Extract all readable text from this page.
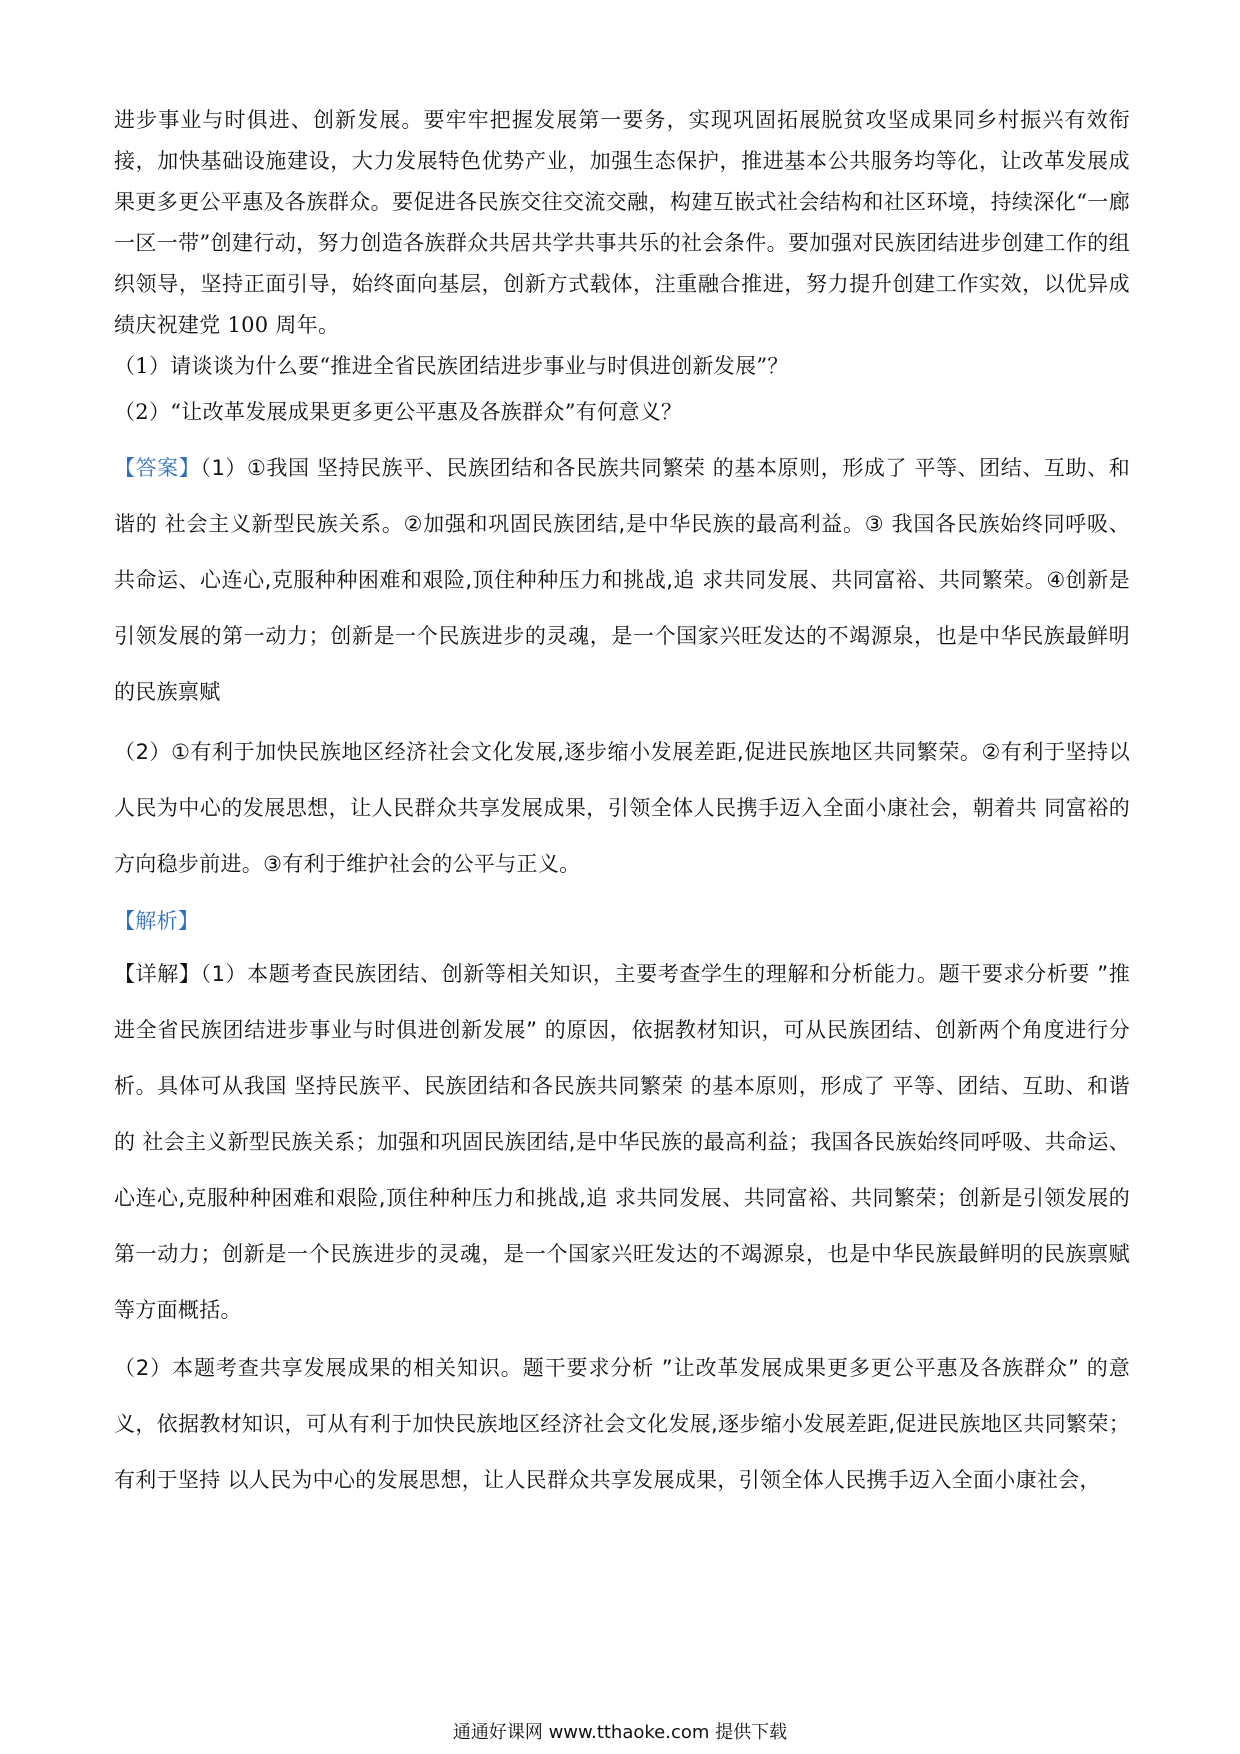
进步事业与时俱进、创新发展。要牢牢把握发展第一要务，实现巩固拓展脱贫攻坚成果同乡村振兴有效衔接，加快基础设施建设，大力发展特色优势产业，加强生态保护，推进基本公共服务均等化，让改革发展成果更多更公平惠及各族群众。要促进各民族交往交流交融，构建互嵌式社会结构和社区环境，持续深化“一廊一区一带”创建行动，努力创造各族群众共居共学共事共乐的社会条件。要加强对民族团结进步创建工作的组织领导，坚持正面引导，始终面向基层，创新方式载体，注重融合推进，努力提升创建工作实效，以优异成绩庆祝建党 100 周年。

（1）请谈谈为什么要“推进全省民族团结进步事业与时俱进创新发展”？

（2）“让改革发展成果更多更公平惠及各族群众”有何意义？

【答案】（1）①我国 坚持民族平、民族团结和各民族共同繁荣 的基本原则，形成了 平等、团结、互助、和谐的 社会主义新型民族关系。②加强和巩固民族团结,是中华民族的最高利益。③ 我国各民族始终同呼吸、共命运、心连心,克服种种困难和艰险,顶住种种压力和挑战,追 求共同发展、共同富裕、共同繁荣。④创新是引领发展的第一动力；创新是一个民族进步的灵魂，是一个国家兴旺发达的不竭源泉，也是中华民族最鲜明的民族禀赋

（2）①有利于加快民族地区经济社会文化发展,逐步缩小发展差距,促进民族地区共同繁荣。②有利于坚持以人民为中心的发展思想，让人民群众共享发展成果，引领全体人民携手迈入全面小康社会，朝着共 同富裕的方向稳步前进。③有利于维护社会的公平与正义。

【解析】

【详解】（1）本题考查民族团结、创新等相关知识，主要考查学生的理解和分析能力。题干要求分析要 ”推进全省民族团结进步事业与时俱进创新发展” 的原因，依据教材知识，可从民族团结、创新两个角度进行分析。具体可从我国 坚持民族平、民族团结和各民族共同繁荣 的基本原则，形成了 平等、团结、互助、和谐的 社会主义新型民族关系；加强和巩固民族团结,是中华民族的最高利益；我国各民族始终同呼吸、共命运、心连心,克服种种困难和艰险,顶住种种压力和挑战,追 求共同发展、共同富裕、共同繁荣；创新是引领发展的第一动力；创新是一个民族进步的灵魂，是一个国家兴旺发达的不竭源泉，也是中华民族最鲜明的民族禀赋等方面概括。

（2）本题考查共享发展成果的相关知识。题干要求分析 ”让改革发展成果更多更公平惠及各族群众” 的意义，依据教材知识，可从有利于加快民族地区经济社会文化发展,逐步缩小发展差距,促进民族地区共同繁荣；有利于坚持 以人民为中心的发展思想，让人民群众共享发展成果，引领全体人民携手迈入全面小康社会，

通通好课网 www.tthaoke.com 提供下载
